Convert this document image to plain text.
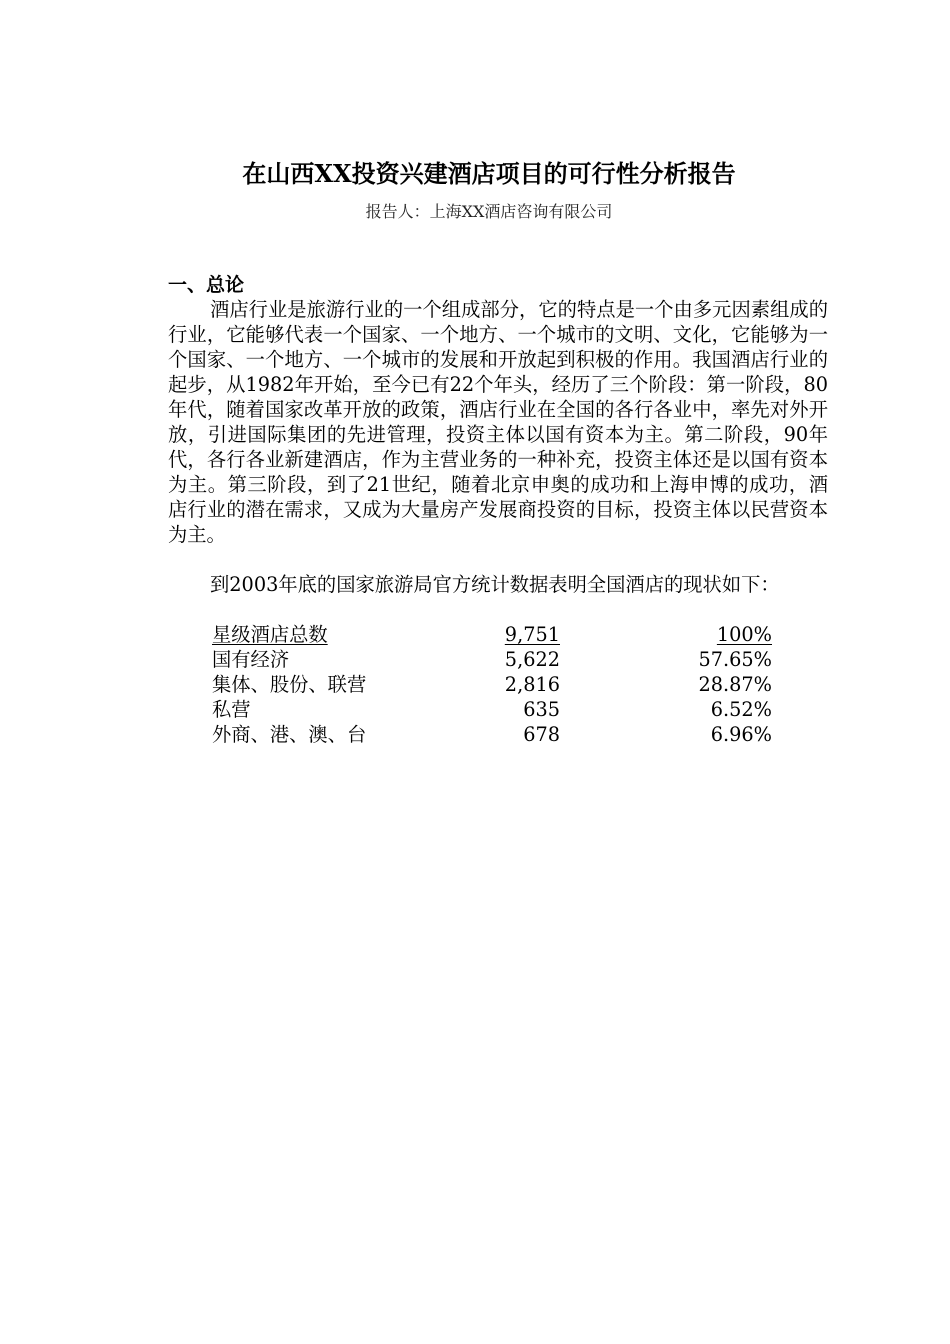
在山西XX投资兴建酒店项目的可行性分析报告
报告人：上海XX酒店咨询有限公司
一、总论

酒店行业是旅游行业的一个组成部分，它的特点是一个由多元因素组成的行业，它能够代表一个国家、一个地方、一个城市的文明、文化，它能够为一个国家、一个地方、一个城市的发展和开放起到积极的作用。我国酒店行业的起步，从1982年开始，至今已有22个年头，经历了三个阶段：第一阶段，80年代，随着国家改革开放的政策，酒店行业在全国的各行各业中，率先对外开放，引进国际集团的先进管理，投资主体以国有资本为主。第二阶段，90年代，各行各业新建酒店，作为主营业务的一种补充，投资主体还是以国有资本为主。第三阶段，到了21世纪，随着北京申奥的成功和上海申博的成功，酒店行业的潜在需求，又成为大量房产发展商投资的目标，投资主体以民营资本为主。

到2003年底的国家旅游局官方统计数据表明全国酒店的现状如下：

星级酒店总数	9,751	100%
国有经济	5,622	57.65%
集体、股份、联营	2,816	28.87%
私营	635	6.52%
外商、港、澳、台	678	6.96%
